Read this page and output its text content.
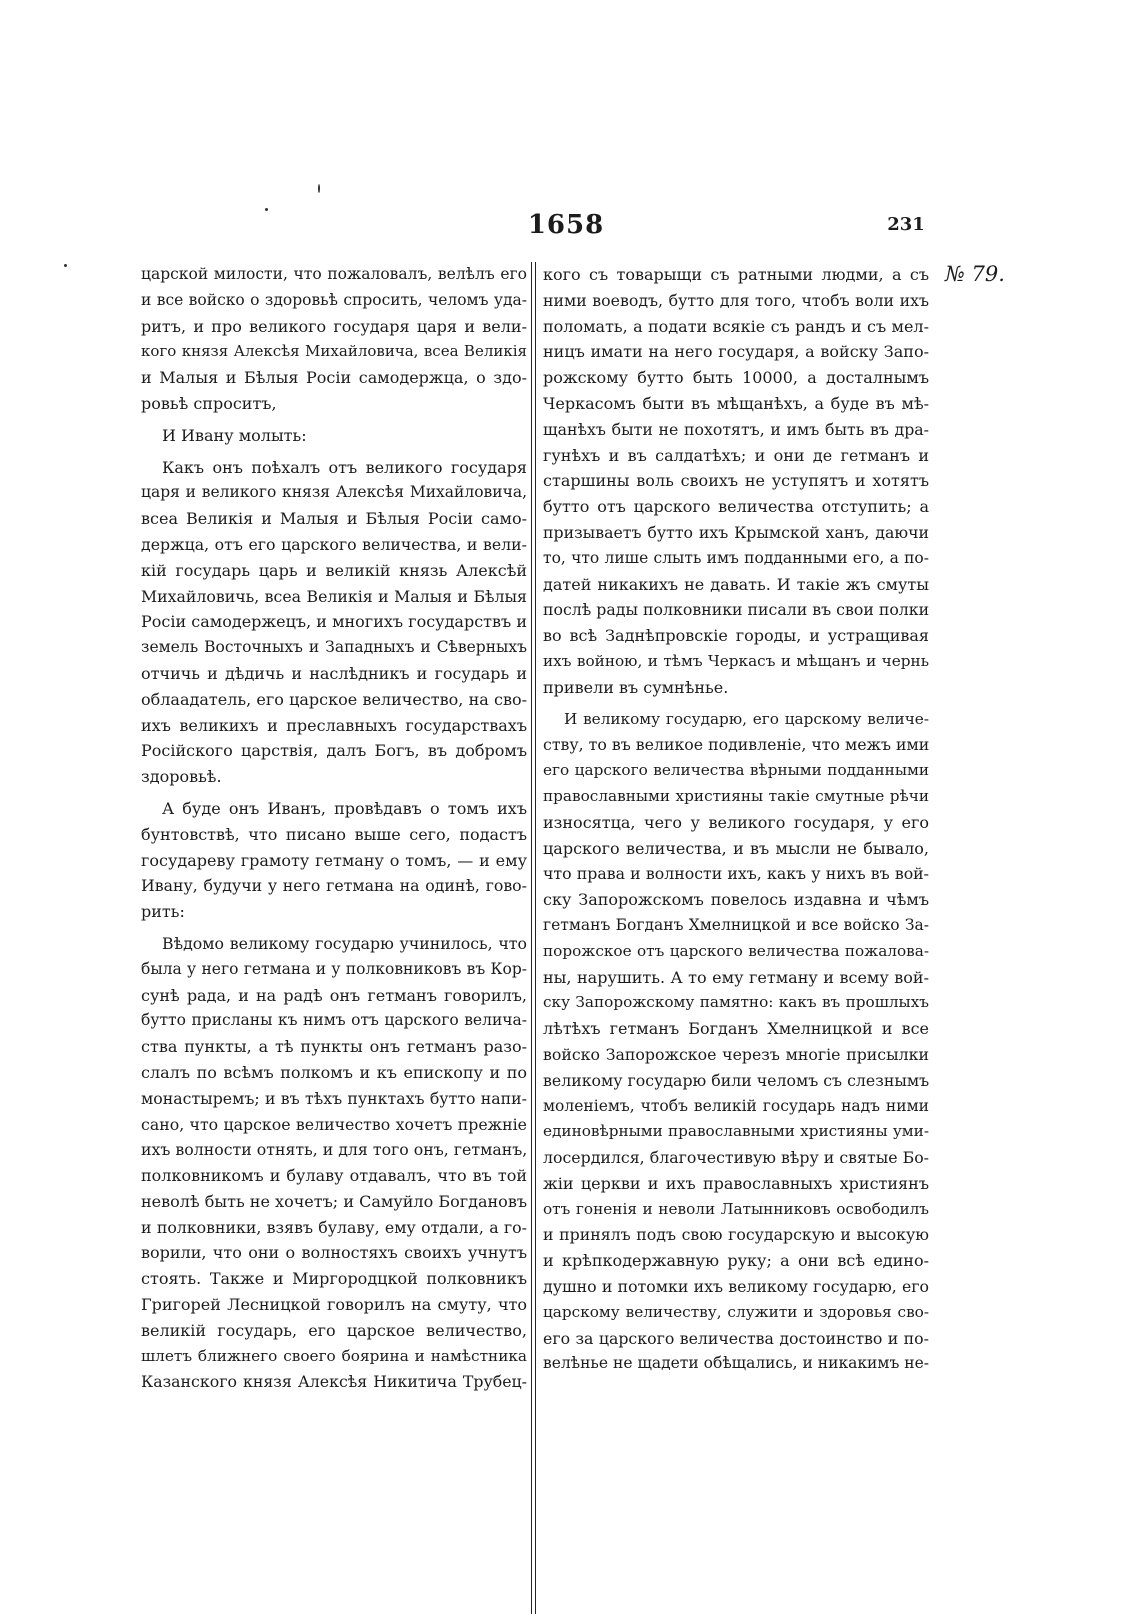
1658	231
№ 79.
царской милости, что пожаловалъ, велѣлъ его
и все войско о здоровьѣ спросить, челомъ уда-
ритъ, и про великого государя царя и вели-
кого князя Алексѣя Михайловича, всеа Великія
и Малыя и Бѣлыя Росіи самодержца, о здо-
ровьѣ спроситъ,
И Ивану молыть:
Какъ онъ поѣхалъ отъ великого государя
царя и великого князя Алексѣя Михайловича,
всеа Великія и Малыя и Бѣлыя Росіи само-
держца, отъ его царского величества, и вели-
кій государь царь и великій князь Алексѣй
Михайловичь, всеа Великія и Малыя и Бѣлыя
Росіи самодержецъ, и многихъ государствъ и
земель Восточныхъ и Западныхъ и Сѣверныхъ
отчичь и дѣдичь и наслѣдникъ и государь и
облаадатель, его царское величество, на сво-
ихъ великихъ и преславныхъ государствахъ
Російского царствія, далъ Богъ, въ добромъ
здоровьѣ.
А буде онъ Иванъ, провѣдавъ о томъ ихъ
бунтовствѣ, что писано выше сего, подастъ
государеву грамоту гетману о томъ, — и ему
Ивану, будучи у него гетмана на одинѣ, гово-
рить:
Вѣдомо великому государю учинилось, что
была у него гетмана и у полковниковъ въ Кор-
сунѣ рада, и на радѣ онъ гетманъ говорилъ,
бутто присланы къ нимъ отъ царского велича-
ства пункты, а тѣ пункты онъ гетманъ разо-
слалъ по всѣмъ полкомъ и къ епископу и по
монастыремъ; и въ тѣхъ пунктахъ бутто напи-
сано, что царское величество хочетъ прежніе
ихъ волности отнять, и для того онъ, гетманъ,
полковникомъ и булаву отдавалъ, что въ той
неволѣ быть не хочетъ; и Самуйло Богдановъ
и полковники, взявъ булаву, ему отдали, а го-
ворили, что они о волностяхъ своихъ учнутъ
стоять. Также и Миргородцкой полковникъ
Григорей Лесницкой говорилъ на смуту, что
великій государь, его царское величество,
шлетъ ближнего своего боярина и намѣстника
Казанского князя Алексѣя Никитича Трубец-
кого съ товарыщи съ ратными людми, а съ
ними воеводъ, бутто для того, чтобъ воли ихъ
поломать, а подати всякіе съ рандъ и съ мел-
ницъ имати на него государя, а войску Запо-
рожскому бутто быть 10000, а досталнымъ
Черкасомъ быти въ мѣщанѣхъ, а буде въ мѣ-
щанѣхъ быти не похотятъ, и имъ быть въ дра-
гунѣхъ и въ салдатѣхъ; и они де гетманъ и
старшины воль своихъ не уступятъ и хотятъ
бутто отъ царского величества отступить; а
призываетъ бутто ихъ Крымской ханъ, даючи
то, что лише слыть имъ подданными его, а по-
датей никакихъ не давать. И такіе жъ смуты
послѣ рады полковники писали въ свои полки
во всѣ Заднѣпровскіе городы, и устращивая
ихъ войною, и тѣмъ Черкасъ и мѣщанъ и чернь
привели въ сумнѣнье.
И великому государю, его царскому величе-
ству, то въ великое подивленіе, что межъ ими
его царского величества вѣрными подданными
православными християны такіе смутные рѣчи
износятца, чего у великого государя, у его
царского величества, и въ мысли не бывало,
что права и волности ихъ, какъ у нихъ въ вой-
ску Запорожскомъ повелось издавна и чѣмъ
гетманъ Богданъ Хмелницкой и все войско За-
порожское отъ царского величества пожалова-
ны, нарушить. А то ему гетману и всему вой-
ску Запорожскому памятно: какъ въ прошлыхъ
лѣтѣхъ гетманъ Богданъ Хмелницкой и все
войско Запорожское черезъ многіе присылки
великому государю били челомъ съ слезнымъ
моленіемъ, чтобъ великій государь надъ ними
единовѣрными православными християны уми-
лосердился, благочестивую вѣру и святые Бо-
жіи церкви и ихъ православныхъ християнъ
отъ гоненія и неволи Латынниковъ освободилъ
и принялъ подъ свою государскую и высокую
и крѣпкодержавную руку; а они всѣ едино-
душно и потомки ихъ великому государю, его
царскому величеству, служити и здоровья сво-
его за царского величества достоинство и по-
велѣнье не щадети обѣщались, и никакимъ не-
